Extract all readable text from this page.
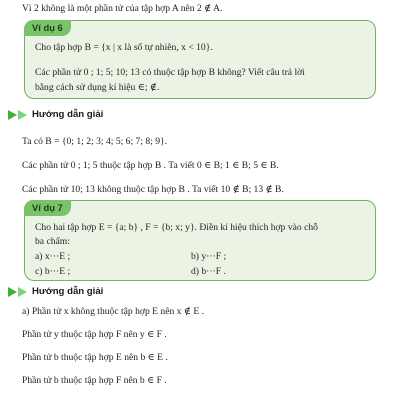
Vì 2 không là một phần tử của tập hợp A nên 2 ∉ A.
Ví dụ 6
Cho tập hợp B = {x | x là số tự nhiên, x < 10}.
Các phần tử 0 ; 1; 5; 10; 13 có thuộc tập hợp B không? Viết câu trả lời
bằng cách sử dụng kí hiệu ∈; ∉.
Hướng dẫn giải
Ta có B = {0; 1; 2; 3; 4; 5; 6; 7; 8; 9}.
Các phần tử 0 ; 1; 5 thuộc tập hợp B . Ta viết 0 ∈ B; 1 ∈ B; 5 ∈ B.
Các phần tử 10; 13 không thuộc tập hợp B . Ta viết 10 ∉ B; 13 ∉ B.
Ví dụ 7
Cho hai tập hợp E = {a; b} , F = {b; x; y}. Điền kí hiệu thích hợp vào chỗ
ba chấm:
a) x···E ;	b) y···F ;
c) b···E ;	d) b···F .
Hướng dẫn giải
a) Phần tử x không thuộc tập hợp E nên x ∉ E .
Phần tử y thuộc tập hợp F nên y ∈ F .
Phần tử b thuộc tập hợp E nên b ∈ E .
Phần tử b thuộc tập hợp F nên b ∈ F .
